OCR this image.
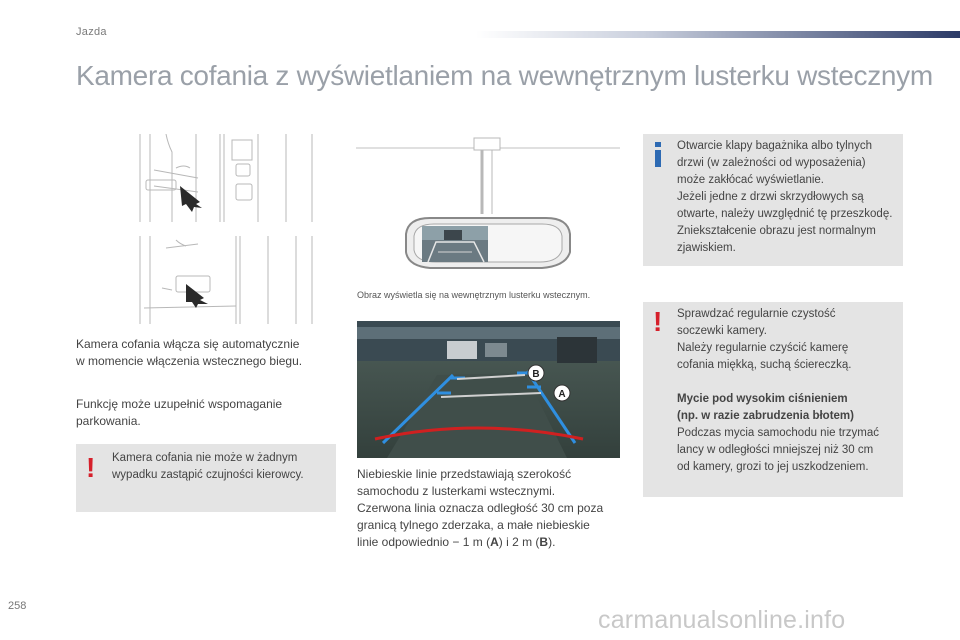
Jazda
Kamera cofania z wyświetlaniem na wewnętrznym lusterku wstecznym
Kamera cofania włącza się automatycznie
w momencie włączenia wstecznego biegu.
Funkcję może uzupełnić wspomaganie
parkowania.
! Kamera cofania nie może w żadnym
wypadku zastąpić czujności kierowcy.
Obraz wyświetla się na wewnętrznym lusterku wstecznym.
B
A
Niebieskie linie przedstawiają szerokość
samochodu z lusterkami wstecznymi.
Czerwona linia oznacza odległość 30 cm poza
granicą tylnego zderzaka, a małe niebieskie
linie odpowiednio − 1 m (A) i 2 m (B).
Otwarcie klapy bagażnika albo tylnych
drzwi (w zależności od wyposażenia)
może zakłócać wyświetlanie.
Jeżeli jedne z drzwi skrzydłowych są
otwarte, należy uwzględnić tę przeszkodę.
Zniekształcenie obrazu jest normalnym
zjawiskiem.
! Sprawdzać regularnie czystość
soczewki kamery.
Należy regularnie czyścić kamerę
cofania miękką, suchą ściereczką.
Mycie pod wysokim ciśnieniem
(np. w razie zabrudzenia błotem)
Podczas mycia samochodu nie trzymać
lancy w odległości mniejszej niż 30 cm
od kamery, grozi to jej uszkodzeniem.
258	carmanualsonline.info
